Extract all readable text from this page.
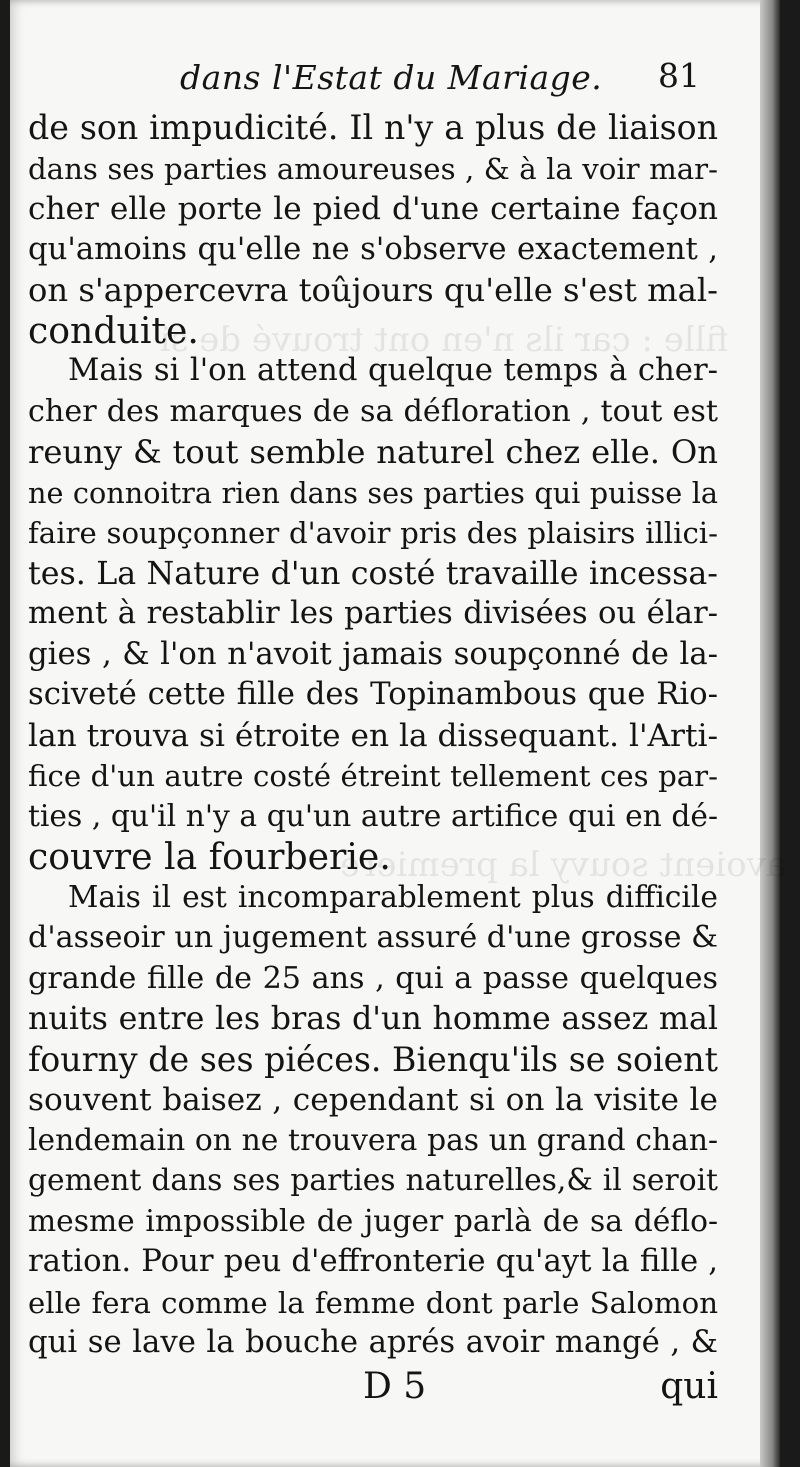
fille : car ils n'en ont trouvé de si
avoient souvy la premiere
dans l'Estat du Mariage. 81
de son impudicité. Il n'y a plus de liaison
dans ses parties amoureuses , & à la voir mar-
cher elle porte le pied d'une certaine façon
qu'amoins qu'elle ne s'observe exactement ,
on s'appercevra toûjours qu'elle s'est mal-
conduite.
Mais si l'on attend quelque temps à cher-
cher des marques de sa défloration , tout est
reuny & tout semble naturel chez elle. On
ne connoitra rien dans ses parties qui puisse la
faire soupçonner d'avoir pris des plaisirs illici-
tes. La Nature d'un costé travaille incessa-
ment à restablir les parties divisées ou élar-
gies , & l'on n'avoit jamais soupçonné de la-
sciveté cette fille des Topinambous que Rio-
lan trouva si étroite en la dissequant. l'Arti-
fice d'un autre costé étreint tellement ces par-
ties , qu'il n'y a qu'un autre artifice qui en dé-
couvre la fourberie.
Mais il est incomparablement plus difficile
d'asseoir un jugement assuré d'une grosse &
grande fille de 25 ans , qui a passe quelques
nuits entre les bras d'un homme assez mal
fourny de ses piéces. Bienqu'ils se soient
souvent baisez , cependant si on la visite le
lendemain on ne trouvera pas un grand chan-
gement dans ses parties naturelles,& il seroit
mesme impossible de juger parlà de sa déflo-
ration. Pour peu d'effronterie qu'ayt la fille ,
elle fera comme la femme dont parle Salomon
qui se lave la bouche aprés avoir mangé , &
D 5	qui
